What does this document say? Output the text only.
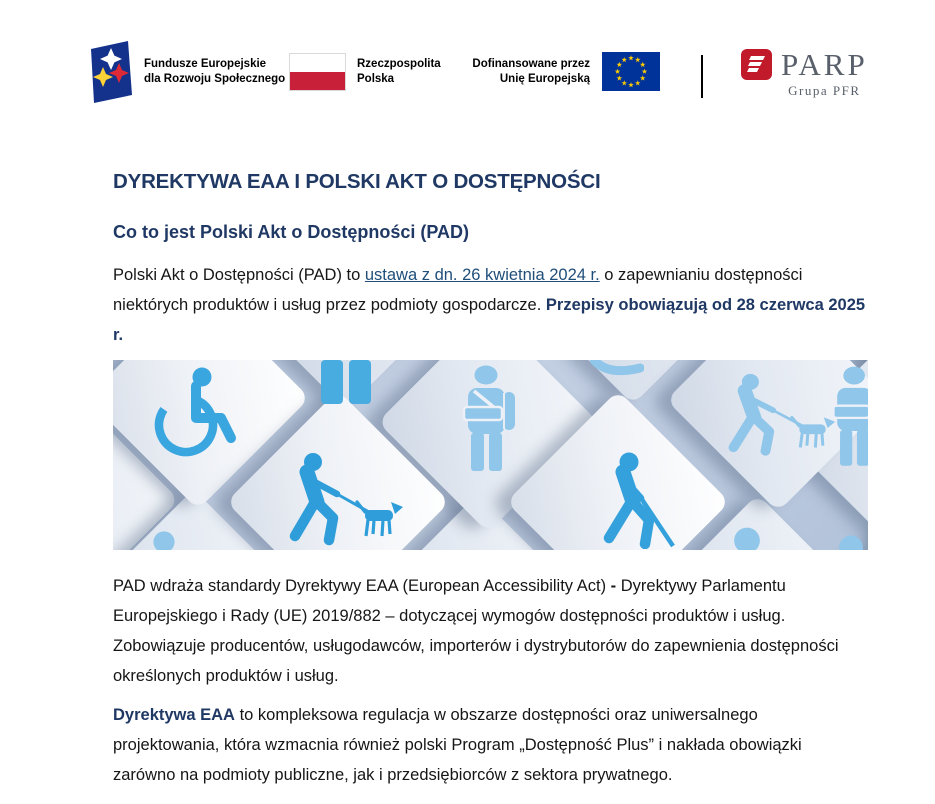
Fundusze Europejskie
dla Rozwoju Społecznego
Rzeczpospolita
Polska
Dofinansowane przez
Unię Europejską	PARP
Grupa PFR
DYREKTYWA EAA I POLSKI AKT O DOSTĘPNOŚCI
Co to jest Polski Akt o Dostępności (PAD)

Polski Akt o Dostępności (PAD) to ustawa z dn. 26 kwietnia 2024 r. o zapewnianiu dostępności niektórych produktów i usług przez podmioty gospodarcze. Przepisy obowiązują od 28 czerwca 2025 r.

PAD wdraża standardy Dyrektywy EAA (European Accessibility Act) - Dyrektywy Parlamentu Europejskiego i Rady (UE) 2019/882 – dotyczącej wymogów dostępności produktów i usług. Zobowiązuje producentów, usługodawców, importerów i dystrybutorów do zapewnienia dostępności określonych produktów i usług.

Dyrektywa EAA to kompleksowa regulacja w obszarze dostępności oraz uniwersalnego projektowania, która wzmacnia również polski Program „Dostępność Plus” i nakłada obowiązki zarówno na podmioty publiczne, jak i przedsiębiorców z sektora prywatnego.
